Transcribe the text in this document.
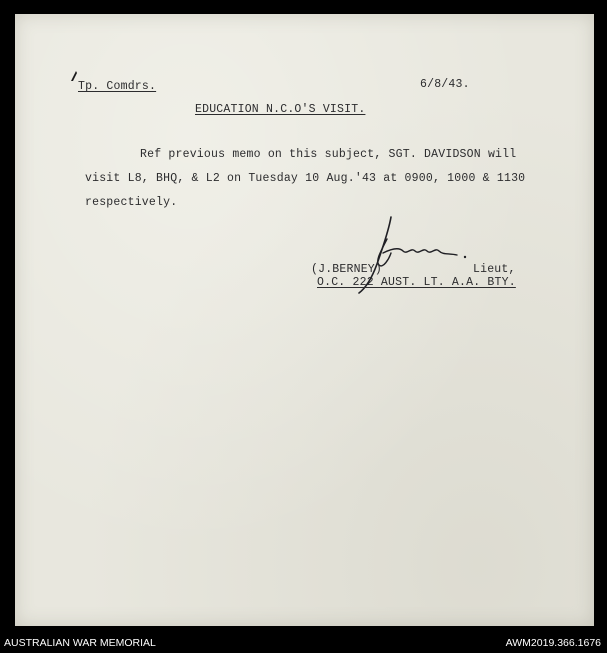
Tp. Comdrs.	6/8/43.
EDUCATION N.C.O'S VISIT.
Ref previous memo on this subject, SGT. DAVIDSON will
visit L8, BHQ, & L2 on Tuesday 10 Aug.'43 at 0900, 1000 & 1130
respectively.
(J.BERNEY)	Lieut,
O.C. 222 AUST. LT. A.A. BTY.
AUSTRALIAN WAR MEMORIAL	AWM2019.366.1676
